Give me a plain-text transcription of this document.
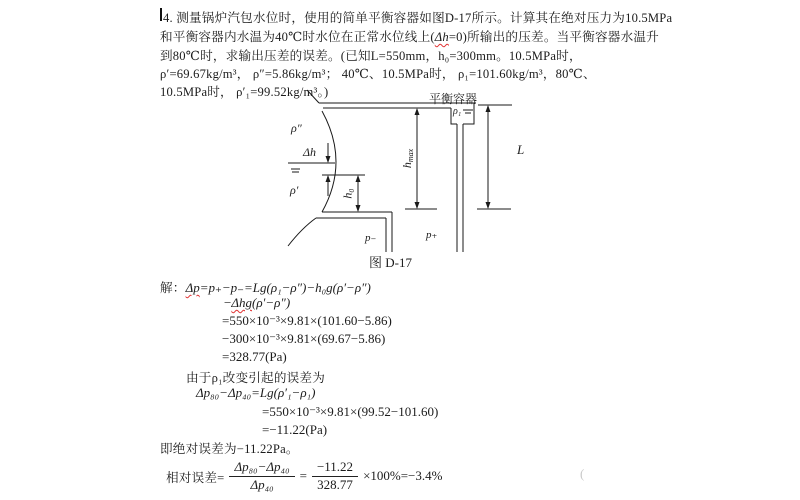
4. 测量锅炉汽包水位时，使用的简单平衡容器如图D-17所示。计算其在绝对压力为10.5MPa
和平衡容器内水温为40℃时水位在正常水位线上(Δh=0)所输出的压差。当平衡容器水温升
到80℃时，求输出压差的误差。(已知L=550mm，h₀=300mm。10.5MPa时，
ρ′=69.67kg/m³， ρ″=5.86kg/m³； 40℃、10.5MPa时， ρ₁=101.60kg/m³，80℃、
10.5MPa时， ρ′₁=99.52kg/m³。)	平衡容器
ρ″
Δh
ρ′	h₀
hmax
ρ₁
L
p₋	p₊
图 D-17
解：Δp=p₊−p₋=Lg(ρ₁−ρ″)−h₀g(ρ′−ρ″)
−Δhg(ρ′−ρ″)
=550×10⁻³×9.81×(101.60−5.86)
−300×10⁻³×9.81×(69.67−5.86)
=328.77(Pa)
由于ρ₁改变引起的误差为
Δp₈₀−Δp₄₀=Lg(ρ′₁−ρ₁)
=550×10⁻³×9.81×(99.52−101.60)
=−11.22(Pa)
即绝对误差为−11.22Pa。
相对误差= $\frac{\text{Δp₈₀−Δp₄₀}}{\text{Δp₄₀}} = \frac{-11.22}{328.77} \times 100\%=-3.4\%$	(
